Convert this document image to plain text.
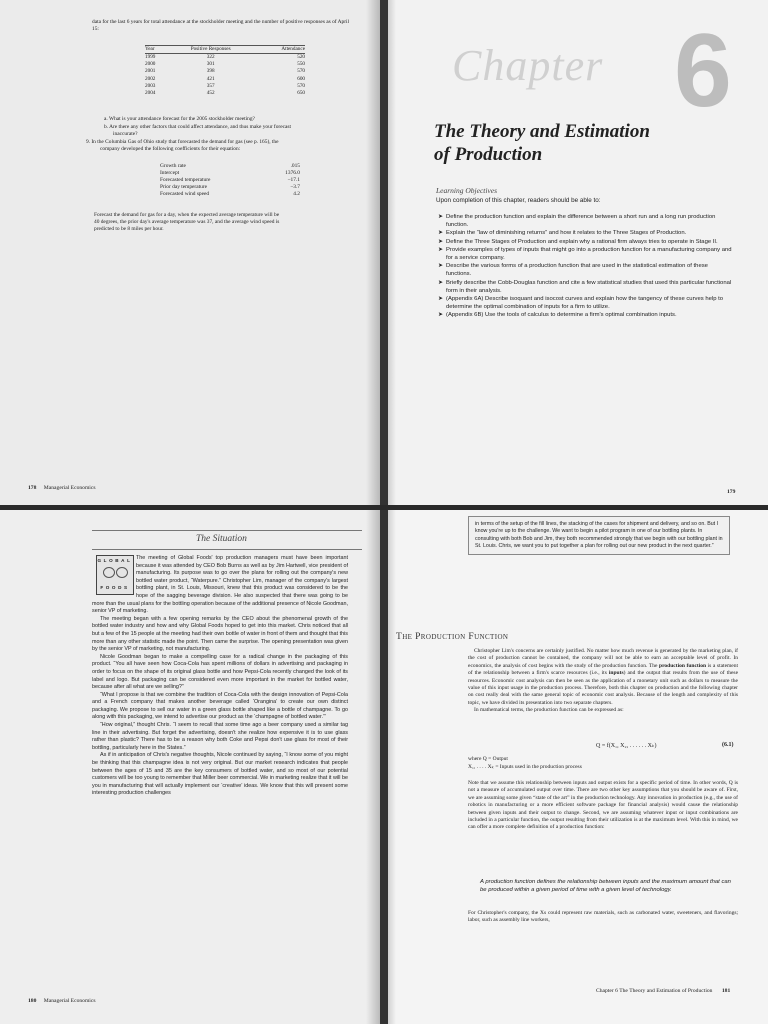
data for the last 6 years for total attendance at the stockholder meeting and the number of positive responses as of April 15:
Year	Positive Responses	Attendance
1999	322	520
2000	301	550
2001	398	570
2002	421	600
2003	357	570
2004	452	650
a. What is your attendance forecast for the 2005 stockholder meeting?
b. Are there any other factors that could affect attendance, and thus make your forecast
inaccurate?
9. In the Columbia Gas of Ohio study that forecasted the demand for gas (see p. 165), the
company developed the following coefficients for their equation:
Growth rate	.015
Intercept	1376.0
Forecasted temperature	−17.1
Prior day temperature	−3.7
Forecasted wind speed	4.2
Forecast the demand for gas for a day, when the expected average temperature will be
40 degrees, the prior day's average temperature was 37, and the average wind speed is
predicted to be 8 miles per hour.
178 Managerial Economics
Chapter 6
The Theory and Estimation
of Production
Learning Objectives
Upon completion of this chapter, readers should be able to:
➤ Define the production function and explain the difference between a short run and a long run production function.
➤ Explain the “law of diminishing returns” and how it relates to the Three Stages of Production.
➤ Define the Three Stages of Production and explain why a rational firm always tries to operate in Stage II.
➤ Provide examples of types of inputs that might go into a production function for a manufacturing company and for a service company.
➤ Describe the various forms of a production function that are used in the statistical estimation of these functions.
➤ Briefly describe the Cobb-Douglas function and cite a few statistical studies that used this particular functional form in their analysis.
➤ (Appendix 6A) Describe isoquant and isocost curves and explain how the tangency of these curves help to determine the optimal combination of inputs for a firm to utilize.
➤ (Appendix 6B) Use the tools of calculus to determine a firm's optimal combination inputs.
179
The Situation
GLOBAL
FOODS

The meeting of Global Foods' top production managers must have been important because it was attended by CEO Bob Burns as well as by Jim Hartwell, vice president of manufacturing. Its purpose was to go over the plans for rolling out the company's new bottled water product, “Waterpure.” Christopher Lim, manager of the company's largest bottling plant, in St. Louis, Missouri, knew that this product was considered to be the hope of the sagging beverage division. He also suspected that there was going to be more than the usual plans for the bottling operation because of the additional presence of Nicole Goodman, senior VP of marketing.

The meeting began with a few opening remarks by the CEO about the phenomenal growth of the bottled water industry and how and why Global Foods hoped to get into this market. Chris noticed that all but a few of the 15 people at the meeting had their own bottle of water in front of them and thought that this more than any other statistic made the point. Then came the surprise. The opening presentation was given by the senior VP of marketing, not manufacturing.

Nicole Goodman began to make a compelling case for a radical change in the packaging of this product. “You all have seen how Coca-Cola has spent millions of dollars in advertising and packaging in order to focus on the shape of its original glass bottle and how Pepsi-Cola recently changed the look of its label and logo. But packaging can be considered even more important in the market for bottled water, because after all what are we selling?”

“What I propose is that we combine the tradition of Coca-Cola with the design innovation of Pepsi-Cola and a French company that makes another beverage called ‘Orangina’ to create our own distinct packaging. We propose to sell our water in a green glass bottle shaped like a bottle of champagne. To go along with this packaging, we intend to advertise our product as the ‘champagne of bottled water.’”

“How original,” thought Chris. “I seem to recall that some time ago a beer company used a similar tag line in their advertising. But forget the advertising, doesn't she realize how expensive it is to use glass rather than plastic? There has to be a reason why both Coke and Pepsi don't use glass for most of their bottling, particularly here in the States.”

As if in anticipation of Chris's negative thoughts, Nicole continued by saying, “I know some of you might be thinking that this champagne idea is not very original. But our market research indicates that people between the ages of 15 and 35 are the key consumers of bottled water, and so most of our potential customers will be too young to remember that Miller beer commercial. We in marketing realize that it will be you in manufacturing that will actually implement our ‘creative’ ideas. We know that this will present some interesting production challenges

180 Managerial Economics
in terms of the setup of the fill lines, the stacking of the cases for shipment and delivery, and so on. But I know you're up to the challenge. We want to begin a pilot program in one of our bottling plants. In consulting with both Bob and Jim, they both recommended strongly that we begin with our bottling plant in St. Louis. Chris, we want you to put together a plan for rolling out our new product in the next quarter.”
The Production Function

Christopher Lim's concerns are certainly justified. No matter how much revenue is generated by the marketing plan, if the cost of production cannot be contained, the company will not be able to earn an acceptable level of profit. In economics, the analysis of cost begins with the study of the production function. The production function is a statement of the relationship between a firm's scarce resources (i.e., its inputs) and the output that results from the use of these resources. Economic cost analysis can then be seen as the application of a monetary unit such as dollars to measure the value of this input usage in the production process. Therefore, both this chapter on production and the following chapter on cost really deal with the same general topic of economic cost analysis. Because of the length and complexity of this topic, we have divided its presentation into two separate chapters.

In mathematical terms, the production function can be expressed as:

Q = f(X₁, X₂, . . . . . . Xₖ)	(6.1)
where Q = Output
X₁, . . . . Xₖ = Inputs used in the production process
Note that we assume this relationship between inputs and output exists for a specific period of time. In other words, Q is not a measure of accumulated output over time. There are two other key assumptions that you should be aware of. First, we are assuming some given “state of the art” in the production technology. Any innovation in production (e.g., the use of robotics in manufacturing or a more efficient software package for financial analysis) would cause the relationship between given inputs and their output to change. Second, we are assuming whatever input or input combinations are included in a particular function, the output resulting from their utilization is at the maximum level. With this in mind, we can offer a more complete definition of a production function:
A production function defines the relationship between inputs and the maximum amount that can be produced within a given period of time with a given level of technology.
For Christopher's company, the Xs could represent raw materials, such as carbonated water, sweeteners, and flavorings; labor, such as assembly line workers,
Chapter 6 The Theory and Estimation of Production 181
